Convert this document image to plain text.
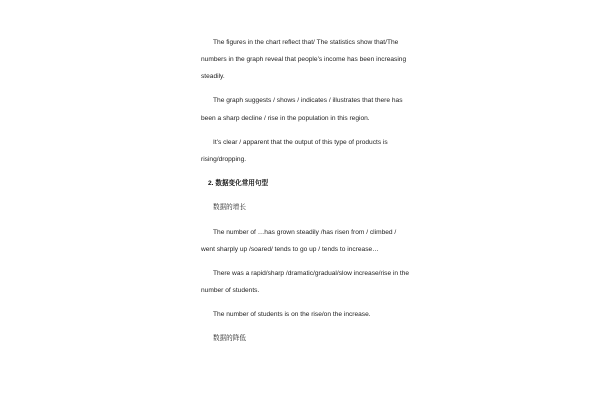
The figures in the chart reflect that/ The statistics show that/The
numbers in the graph reveal that people’s income has been increasing
steadily.
The graph suggests / shows / indicates / illustrates that there has
been a sharp decline / rise in the population in this region.
It’s clear / apparent that the output of this type of products is
rising/dropping.
2. 数据变化常用句型
数据的增长
The number of …has grown steadily /has risen from / climbed /
went sharply up /soared/ tends to go up / tends to increase…
There was a rapid/sharp /dramatic/gradual/slow increase/rise in the
number of students.
The number of students is on the rise/on the increase.
数据的降低
